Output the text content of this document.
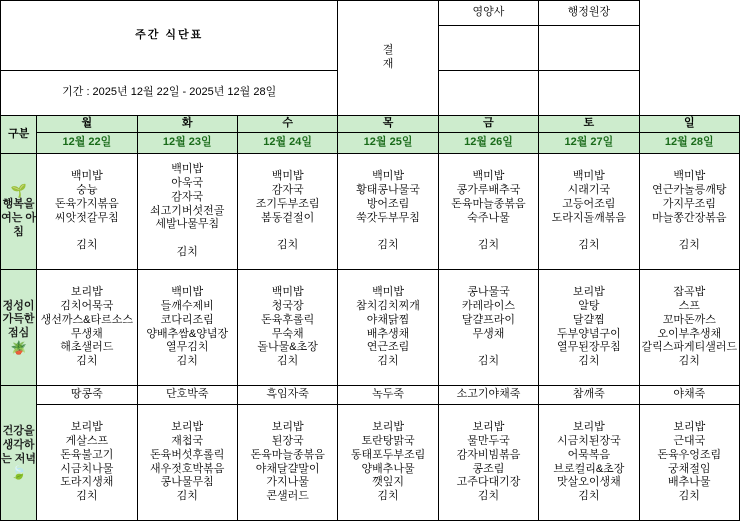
주간 식단표				결
재	영양사	행정원장	

기간 : 2025년 12월 22일 - 2025년 12월 28일							
구분	월	화	수	목	금	토	일
	12월 22일	12월 23일	12월 24일	12월 25일	12월 26일	12월 27일	12월 28일

🌱
행복을 여는 아침
	백미밥
숭늉
돈육가지볶음
씨앗젓갈무침

김치	백미밥
아욱국
감자국
쇠고기버섯전골
세발나물무침

김치	백미밥
감자국
조기두부조림
봄동겉절이

김치	백미밥
황태콩나물국
방어조림
쑥갓두부무침

김치	백미밥
콩가루배추국
돈육마늘종볶음
숙주나물

김치	백미밥
시래기국
고등어조림
도라지돌깨볶음

김치	백미밥
연근카놀릉깨탕
가지무조림
마늘쫑간장볶음

김치

정성이 가득한 점심
🪴
	보리밥
김치어묵국
생선까스&타르소스
무생채
해초샐러드
김치	백미밥
들깨수제비
코다리조림
양배추쌈&양념장
열무김치
김치	백미밥
청국장
돈육후롤릭
무숙채
돌나물&초장
김치	백미밥
참치김치찌개
야채닭찜
배추생채
연근조림
김치	콩나물국
카레라이스
달걀프라이
무생채

김치	보리밥
알탕
달걀찜
두부양념구이
열무된장무침
김치	잡곡밥
스프
꼬마돈까스
오이부추생채
갈릭스파게티샐러드
김치

건강을 생각하는 저녁
🍃	땅콩죽	단호박죽	흑임자죽	녹두죽	소고기야채죽	참깨죽	야채죽
보리밥
게살스프
돈육불고기
시금치나물
도라지생채
김치	보리밥
재첩국
돈육버섯후롤릭
새우젓호박볶음
콩나물무침
김치	보리밥
된장국
돈육마늘종볶음
야채달걀말이
가지나물
콘샐러드	보리밥
토란탕맑국
동태포두부조림
양배추나물
깻잎지
김치	보리밥
물만두국
감자비빔볶음
콩조림
고주다대기장
김치	보리밥
시금치된장국
어묵복음
브로컬리&초장
맛살오이생채
김치	보리밥
근대국
돈육우엉조림
궁채절임
배추나물
김치
